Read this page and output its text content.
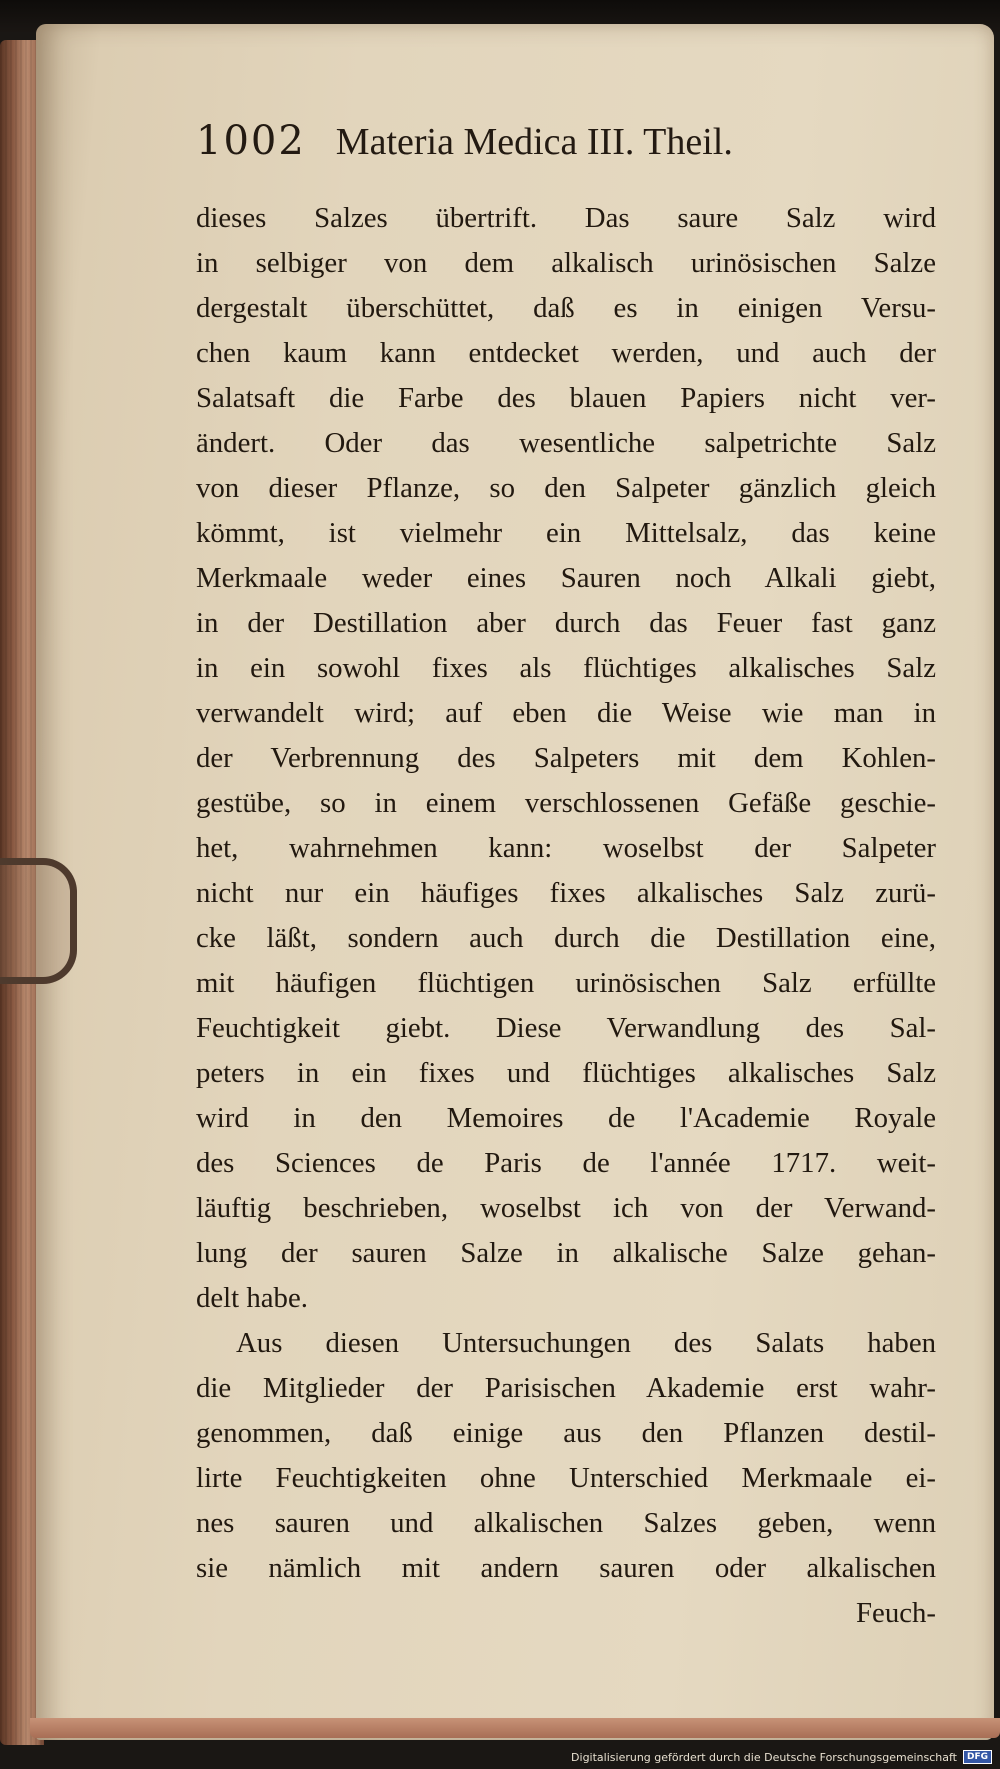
1002 Materia Medica III. Theil.
dieses Salzes übertrift. Das saure Salz wird
in selbiger von dem alkalisch urinösischen Salze
dergestalt überschüttet, daß es in einigen Versu-
chen kaum kann entdecket werden, und auch der
Salatsaft die Farbe des blauen Papiers nicht ver-
ändert. Oder das wesentliche salpetrichte Salz
von dieser Pflanze, so den Salpeter gänzlich gleich
kömmt, ist vielmehr ein Mittelsalz, das keine
Merkmaale weder eines Sauren noch Alkali giebt,
in der Destillation aber durch das Feuer fast ganz
in ein sowohl fixes als flüchtiges alkalisches Salz
verwandelt wird; auf eben die Weise wie man in
der Verbrennung des Salpeters mit dem Kohlen-
gestübe, so in einem verschlossenen Gefäße geschie-
het, wahrnehmen kann: woselbst der Salpeter
nicht nur ein häufiges fixes alkalisches Salz zurü-
cke läßt, sondern auch durch die Destillation eine,
mit häufigen flüchtigen urinösischen Salz erfüllte
Feuchtigkeit giebt. Diese Verwandlung des Sal-
peters in ein fixes und flüchtiges alkalisches Salz
wird in den Memoires de l'Academie Royale
des Sciences de Paris de l'année 1717. weit-
läuftig beschrieben, woselbst ich von der Verwand-
lung der sauren Salze in alkalische Salze gehan-
delt habe.
Aus diesen Untersuchungen des Salats haben
die Mitglieder der Parisischen Akademie erst wahr-
genommen, daß einige aus den Pflanzen destil-
lirte Feuchtigkeiten ohne Unterschied Merkmaale ei-
nes sauren und alkalischen Salzes geben, wenn
sie nämlich mit andern sauren oder alkalischen
Feuch-
Digitalisierung gefördert durch die Deutsche Forschungsgemeinschaft	DFG
